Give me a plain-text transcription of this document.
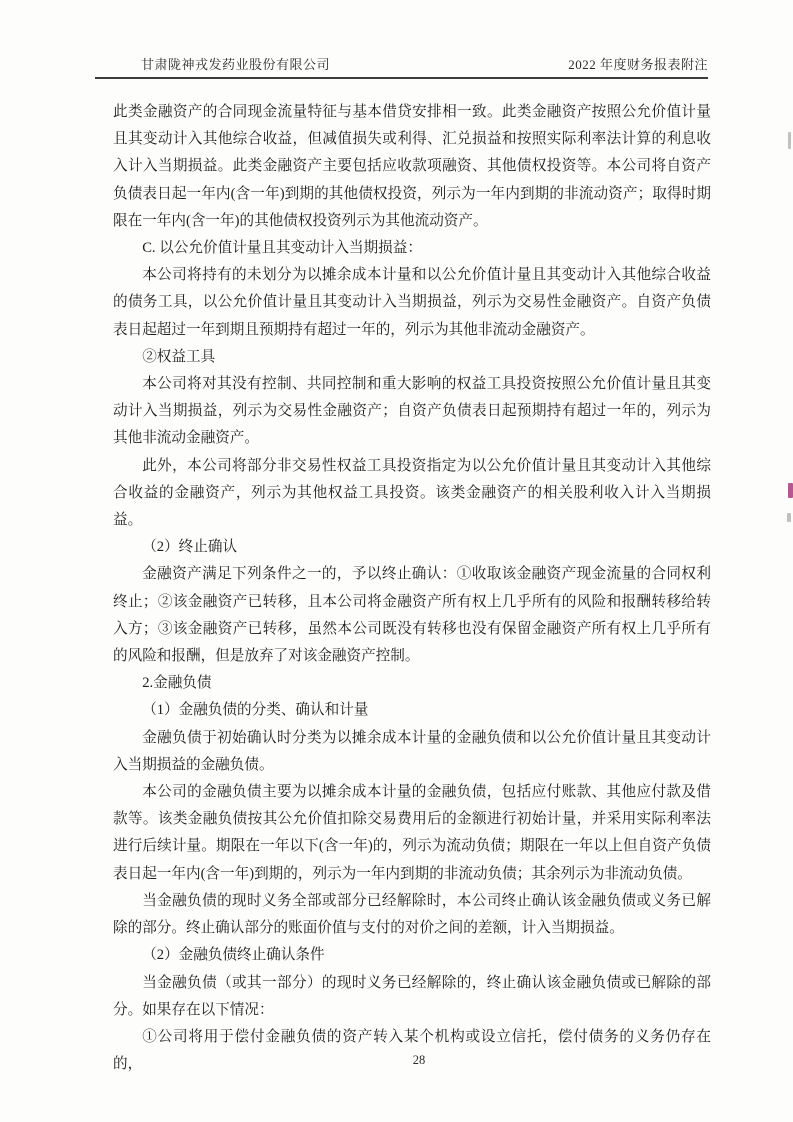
甘肃陇神戎发药业股份有限公司	2022 年度财务报表附注

此类金融资产的合同现金流量特征与基本借贷安排相一致。此类金融资产按照公允价值计量且其变动计入其他综合收益，但减值损失或利得、汇兑损益和按照实际利率法计算的利息收入计入当期损益。此类金融资产主要包括应收款项融资、其他债权投资等。本公司将自资产负债表日起一年内(含一年)到期的其他债权投资，列示为一年内到期的非流动资产；取得时期限在一年内(含一年)的其他债权投资列示为其他流动资产。

C. 以公允价值计量且其变动计入当期损益：

本公司将持有的未划分为以摊余成本计量和以公允价值计量且其变动计入其他综合收益的债务工具，以公允价值计量且其变动计入当期损益，列示为交易性金融资产。自资产负债表日起超过一年到期且预期持有超过一年的，列示为其他非流动金融资产。

②权益工具

本公司将对其没有控制、共同控制和重大影响的权益工具投资按照公允价值计量且其变动计入当期损益，列示为交易性金融资产；自资产负债表日起预期持有超过一年的，列示为其他非流动金融资产。

此外，本公司将部分非交易性权益工具投资指定为以公允价值计量且其变动计入其他综合收益的金融资产，列示为其他权益工具投资。该类金融资产的相关股利收入计入当期损益。

（2）终止确认

金融资产满足下列条件之一的，予以终止确认：①收取该金融资产现金流量的合同权利终止；②该金融资产已转移，且本公司将金融资产所有权上几乎所有的风险和报酬转移给转入方；③该金融资产已转移，虽然本公司既没有转移也没有保留金融资产所有权上几乎所有的风险和报酬，但是放弃了对该金融资产控制。

2.金融负债

（1）金融负债的分类、确认和计量

金融负债于初始确认时分类为以摊余成本计量的金融负债和以公允价值计量且其变动计入当期损益的金融负债。

本公司的金融负债主要为以摊余成本计量的金融负债，包括应付账款、其他应付款及借款等。该类金融负债按其公允价值扣除交易费用后的金额进行初始计量，并采用实际利率法进行后续计量。期限在一年以下(含一年)的，列示为流动负债；期限在一年以上但自资产负债表日起一年内(含一年)到期的，列示为一年内到期的非流动负债；其余列示为非流动负债。

当金融负债的现时义务全部或部分已经解除时，本公司终止确认该金融负债或义务已解除的部分。终止确认部分的账面价值与支付的对价之间的差额，计入当期损益。

（2）金融负债终止确认条件

当金融负债（或其一部分）的现时义务已经解除的，终止确认该金融负债或已解除的部分。如果存在以下情况：

①公司将用于偿付金融负债的资产转入某个机构或设立信托，偿付债务的义务仍存在的，	28
